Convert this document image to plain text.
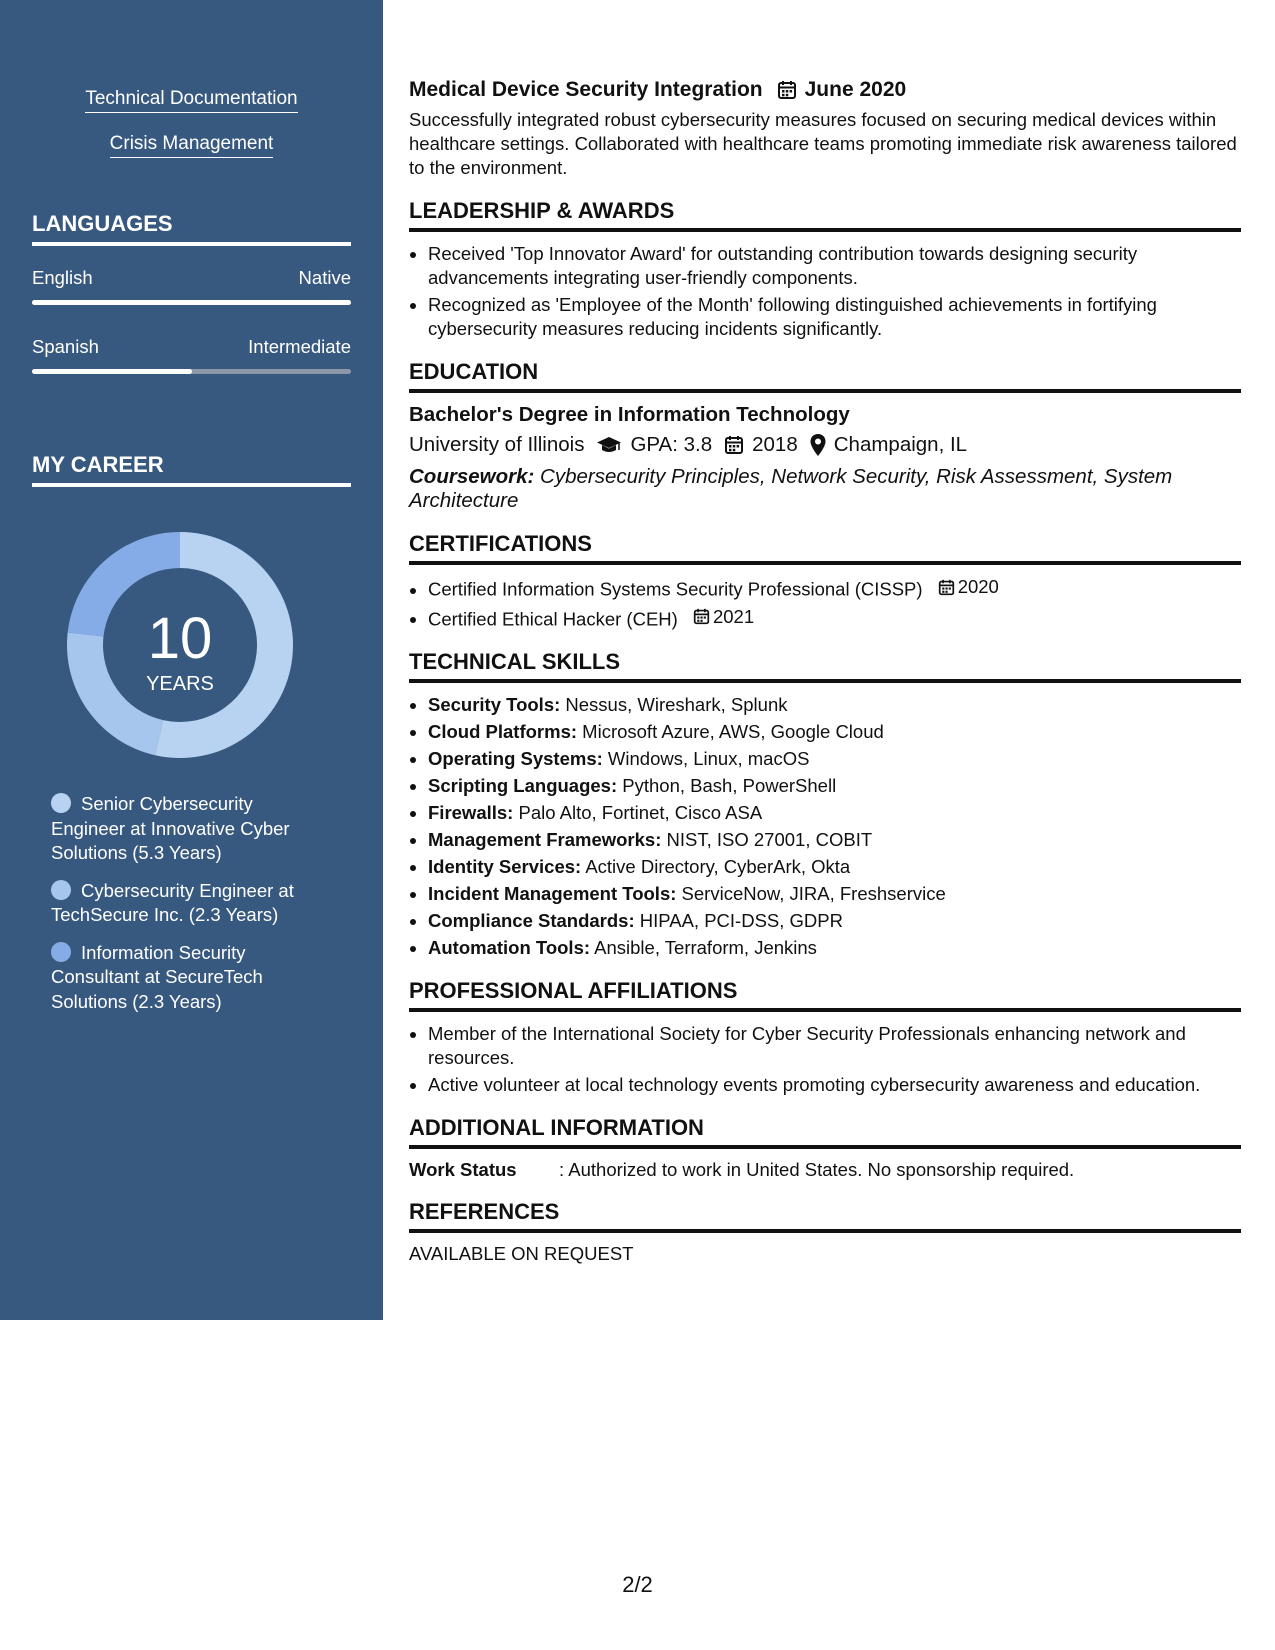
Technical Documentation
Crisis Management
LANGUAGES
English	Native
Spanish	Intermediate
MY CAREER
10
YEARS
Senior Cybersecurity Engineer at Innovative Cyber Solutions (5.3 Years)
Cybersecurity Engineer at TechSecure Inc. (2.3 Years)
Information Security Consultant at SecureTech Solutions (2.3 Years)
Medical Device Security Integration June 2020
Successfully integrated robust cybersecurity measures focused on securing medical devices within healthcare settings. Collaborated with healthcare teams promoting immediate risk awareness tailored to the environment.
LEADERSHIP & AWARDS
• Received 'Top Innovator Award' for outstanding contribution towards designing security advancements integrating user-friendly components.
• Recognized as 'Employee of the Month' following distinguished achievements in fortifying cybersecurity measures reducing incidents significantly.
EDUCATION
Bachelor's Degree in Information Technology
University of Illinois GPA: 3.8 2018 Champaign, IL
Coursework: Cybersecurity Principles, Network Security, Risk Assessment, System Architecture
CERTIFICATIONS
• Certified Information Systems Security Professional (CISSP) 2020
• Certified Ethical Hacker (CEH) 2021
TECHNICAL SKILLS
• Security Tools: Nessus, Wireshark, Splunk
• Cloud Platforms: Microsoft Azure, AWS, Google Cloud
• Operating Systems: Windows, Linux, macOS
• Scripting Languages: Python, Bash, PowerShell
• Firewalls: Palo Alto, Fortinet, Cisco ASA
• Management Frameworks: NIST, ISO 27001, COBIT
• Identity Services: Active Directory, CyberArk, Okta
• Incident Management Tools: ServiceNow, JIRA, Freshservice
• Compliance Standards: HIPAA, PCI-DSS, GDPR
• Automation Tools: Ansible, Terraform, Jenkins
PROFESSIONAL AFFILIATIONS
• Member of the International Society for Cyber Security Professionals enhancing network and resources.
• Active volunteer at local technology events promoting cybersecurity awareness and education.
ADDITIONAL INFORMATION
Work Status	: Authorized to work in United States. No sponsorship required.
REFERENCES
AVAILABLE ON REQUEST
2/2
